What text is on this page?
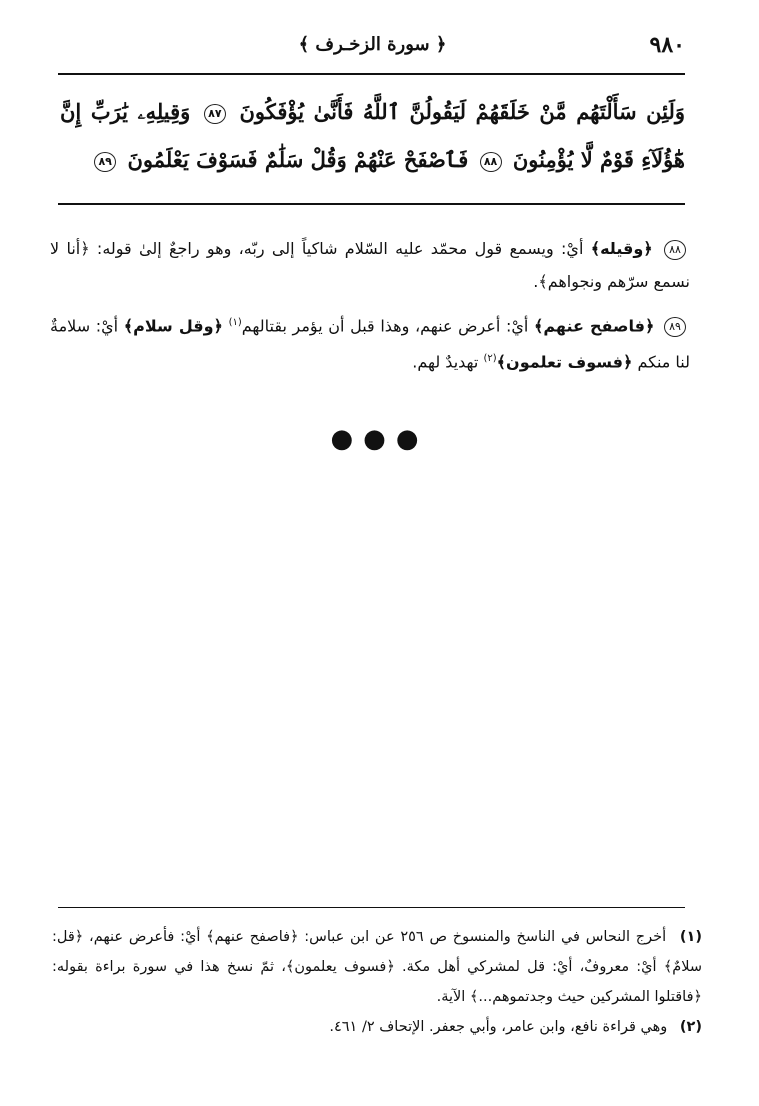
٩٨٠
﴿ سورة الزخـرف ﴾
وَلَئِن سَأَلْتَهُم مَّنْ خَلَقَهُمْ لَيَقُولُنَّ ٱللَّهُ فَأَنَّىٰ يُؤْفَكُونَ ٨٧ وَقِيلِهِۦ يَٰرَبِّ إِنَّ هَٰٓؤُلَآءِ قَوْمٌ لَّا يُؤْمِنُونَ ٨٨ فَٱصْفَحْ عَنْهُمْ وَقُلْ سَلَٰمٌ فَسَوْفَ يَعْلَمُونَ ٨٩

٨٨ ﴿وقيله﴾ أيْ: ويسمع قول محمّد عليه السّلام شاكياً إلى ربّه، وهو راجعٌ إلىٰ قوله: ﴿أنا لا نسمع سرّهم ونجواهم﴾.

٨٩ ﴿فاصفح عنهم﴾ أيْ: أعرض عنهم، وهذا قبل أن يؤمر بقتالهم$^{(١)}$ ﴿وقل سلام﴾ أيْ: سلامةٌ لنا منكم ﴿فسوف تعلمون﴾$^{(٢)}$ تهديدٌ لهم.

●●●

(١) أخرج النحاس في الناسخ والمنسوخ ص ٢٥٦ عن ابن عباس: ﴿فاصفح عنهم﴾ أيْ: فأعرض عنهم، ﴿قل: سلامٌ﴾ أيْ: معروفٌ، أيْ: قل لمشركي أهل مكة. ﴿فسوف يعلمون﴾، ثمّ نسخ هذا في سورة براءة بقوله: ﴿فاقتلوا المشركين حيث وجدتموهم...﴾ الآية.

(٢) وهي قراءة نافع، وابن عامر، وأبي جعفر. الإتحاف ٢/ ٤٦١.
